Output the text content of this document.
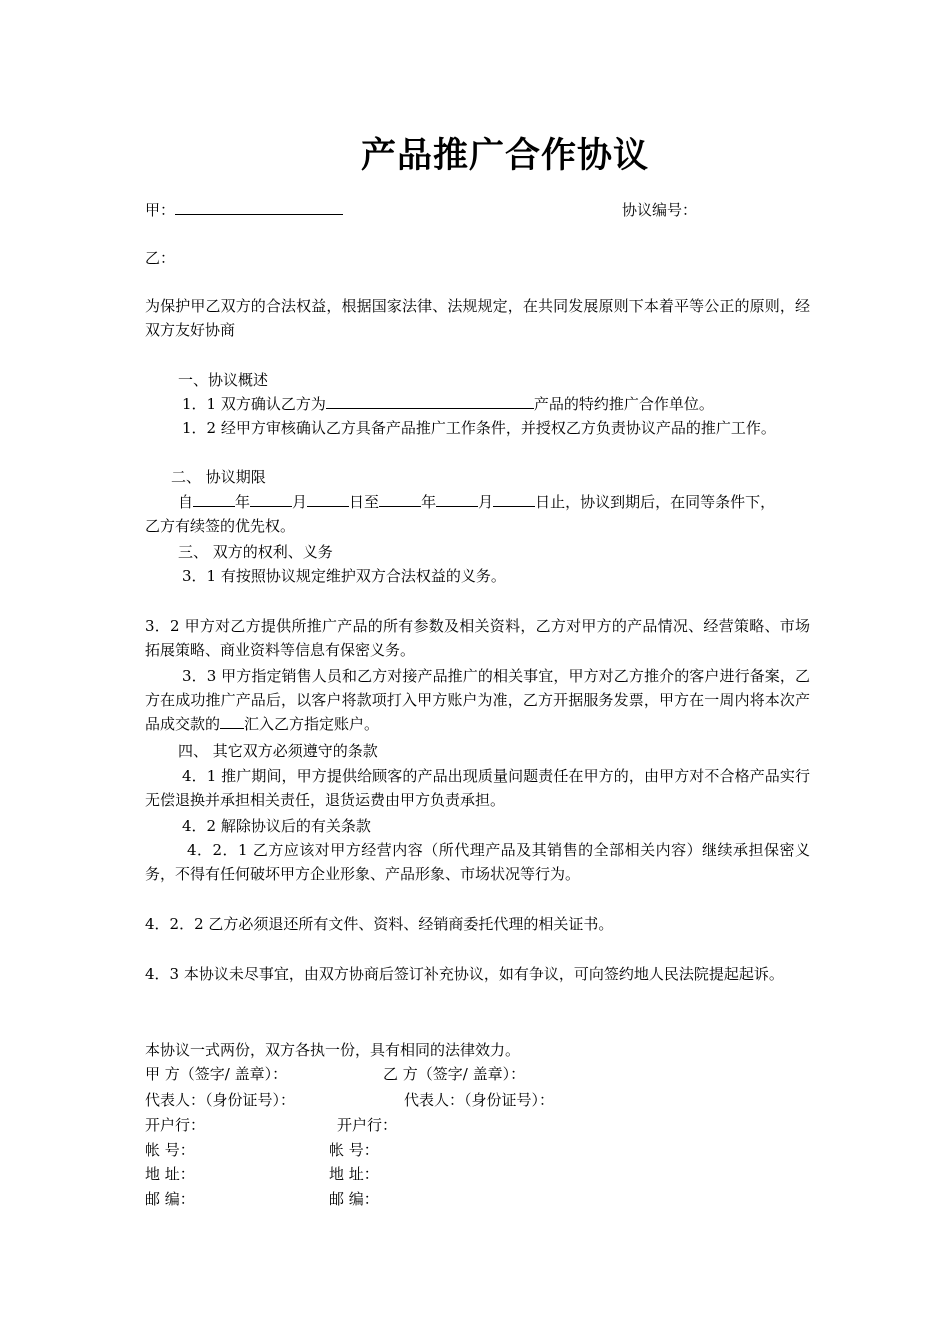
产品推广合作协议
甲：	协议编号：
乙：
为保护甲乙双方的合法权益，根据国家法律、法规规定，在共同发展原则下本着平等公正的原则，经双方友好协商
一、协议概述
1．1 双方确认乙方为	产品的特约推广合作单位。
1．2 经甲方审核确认乙方具备产品推广工作条件，并授权乙方负责协议产品的推广工作。
二、 协议期限
自	年	月	日至	年	月	日止，协议到期后，在同等条件下，
乙方有续签的优先权。
三、 双方的权利、义务
3．1 有按照协议规定维护双方合法权益的义务。
3．2 甲方对乙方提供所推广产品的所有参数及相关资料，乙方对甲方的产品情况、经营策略、市场拓展策略、商业资料等信息有保密义务。
3．3 甲方指定销售人员和乙方对接产品推广的相关事宜，甲方对乙方推介的客户进行备案，乙方在成功推广产品后，以客户将款项打入甲方账户为准，乙方开据服务发票，甲方在一周内将本次产品成交款的 汇入乙方指定账户。
四、 其它双方必须遵守的条款
4．1 推广期间，甲方提供给顾客的产品出现质量问题责任在甲方的，由甲方对不合格产品实行无偿退换并承担相关责任，退货运费由甲方负责承担。
4．2 解除协议后的有关条款
4．2．1 乙方应该对甲方经营内容（所代理产品及其销售的全部相关内容）继续承担保密义务，不得有任何破坏甲方企业形象、产品形象、市场状况等行为。
4．2．2 乙方必须退还所有文件、资料、经销商委托代理的相关证书。
4．3 本协议未尽事宜，由双方协商后签订补充协议，如有争议，可向签约地人民法院提起起诉。
本协议一式两份，双方各执一份，具有相同的法律效力。
甲 方（签字/ 盖章）：	乙 方（签字/ 盖章）：
代表人：（身份证号）：	代表人：（身份证号）：
开户行：	开户行：
帐 号：	帐 号：
地 址：	地 址：
邮 编：	邮 编：
